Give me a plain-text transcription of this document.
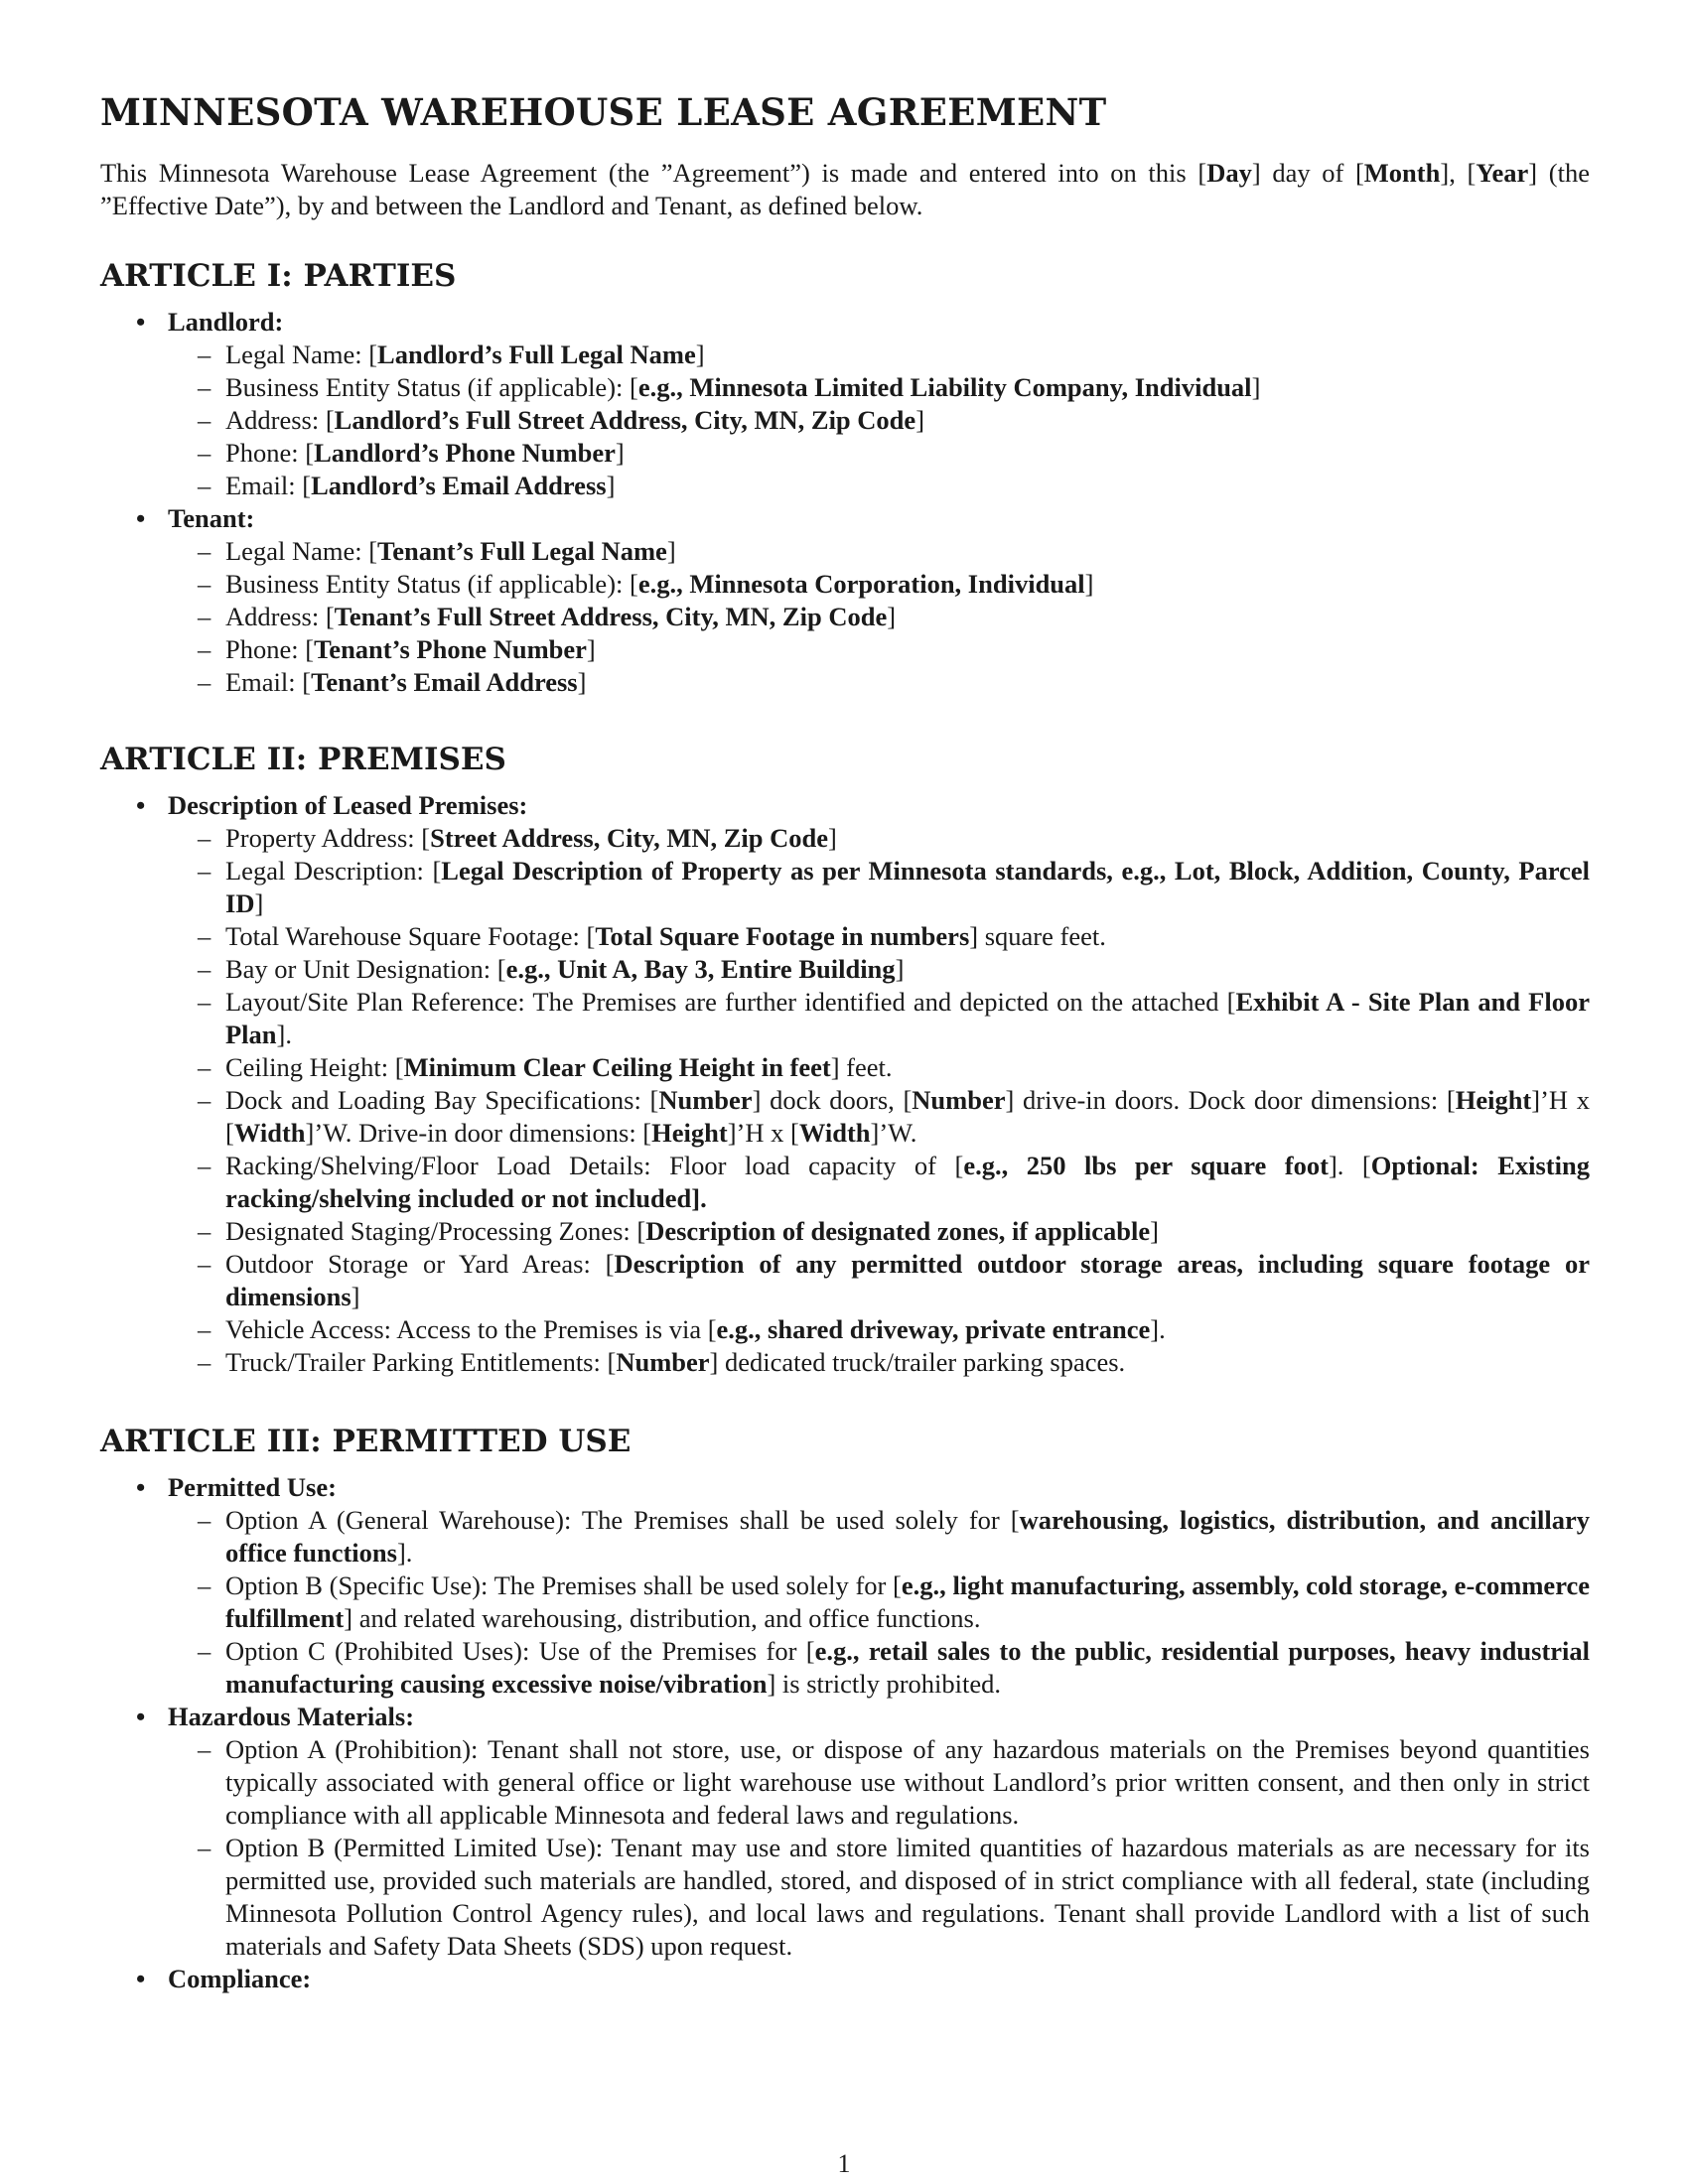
MINNESOTA WAREHOUSE LEASE AGREEMENT

This Minnesota Warehouse Lease Agreement (the ”Agreement”) is made and entered into on this [Day] day of [Month], [Year] (the ”Effective Date”), by and between the Landlord and Tenant, as defined below.

ARTICLE I: PARTIES
• Landlord:
– Legal Name: [Landlord’s Full Legal Name]
– Business Entity Status (if applicable): [e.g., Minnesota Limited Liability Company, Individual]
– Address: [Landlord’s Full Street Address, City, MN, Zip Code]
– Phone: [Landlord’s Phone Number]
– Email: [Landlord’s Email Address]
• Tenant:
– Legal Name: [Tenant’s Full Legal Name]
– Business Entity Status (if applicable): [e.g., Minnesota Corporation, Individual]
– Address: [Tenant’s Full Street Address, City, MN, Zip Code]
– Phone: [Tenant’s Phone Number]
– Email: [Tenant’s Email Address]
ARTICLE II: PREMISES
• Description of Leased Premises:
– Property Address: [Street Address, City, MN, Zip Code]
– Legal Description: [Legal Description of Property as per Minnesota standards, e.g., Lot, Block, Addition, County, Parcel ID]
– Total Warehouse Square Footage: [Total Square Footage in numbers] square feet.
– Bay or Unit Designation: [e.g., Unit A, Bay 3, Entire Building]
– Layout/Site Plan Reference: The Premises are further identified and depicted on the attached [Exhibit A - Site Plan and Floor Plan].
– Ceiling Height: [Minimum Clear Ceiling Height in feet] feet.
– Dock and Loading Bay Specifications: [Number] dock doors, [Number] drive-in doors. Dock door dimensions: [Height]’H x [Width]’W. Drive-in door dimensions: [Height]’H x [Width]’W.
– Racking/Shelving/Floor Load Details: Floor load capacity of [e.g., 250 lbs per square foot]. [Optional: Existing racking/shelving included or not included].
– Designated Staging/Processing Zones: [Description of designated zones, if applicable]
– Outdoor Storage or Yard Areas: [Description of any permitted outdoor storage areas, including square footage or dimensions]
– Vehicle Access: Access to the Premises is via [e.g., shared driveway, private entrance].
– Truck/Trailer Parking Entitlements: [Number] dedicated truck/trailer parking spaces.
ARTICLE III: PERMITTED USE
• Permitted Use:
– Option A (General Warehouse): The Premises shall be used solely for [warehousing, logistics, distribution, and ancillary office functions].
– Option B (Specific Use): The Premises shall be used solely for [e.g., light manufacturing, assembly, cold storage, e-commerce fulfillment] and related warehousing, distribution, and office functions.
– Option C (Prohibited Uses): Use of the Premises for [e.g., retail sales to the public, residential purposes, heavy industrial manufacturing causing excessive noise/vibration] is strictly prohibited.
• Hazardous Materials:
– Option A (Prohibition): Tenant shall not store, use, or dispose of any hazardous materials on the Premises beyond quantities typically associated with general office or light warehouse use without Landlord’s prior written consent, and then only in strict compliance with all applicable Minnesota and federal laws and regulations.
– Option B (Permitted Limited Use): Tenant may use and store limited quantities of hazardous materials as are necessary for its permitted use, provided such materials are handled, stored, and disposed of in strict compliance with all federal, state (including Minnesota Pollution Control Agency rules), and local laws and regulations. Tenant shall provide Landlord with a list of such materials and Safety Data Sheets (SDS) upon request.
• Compliance:
1
